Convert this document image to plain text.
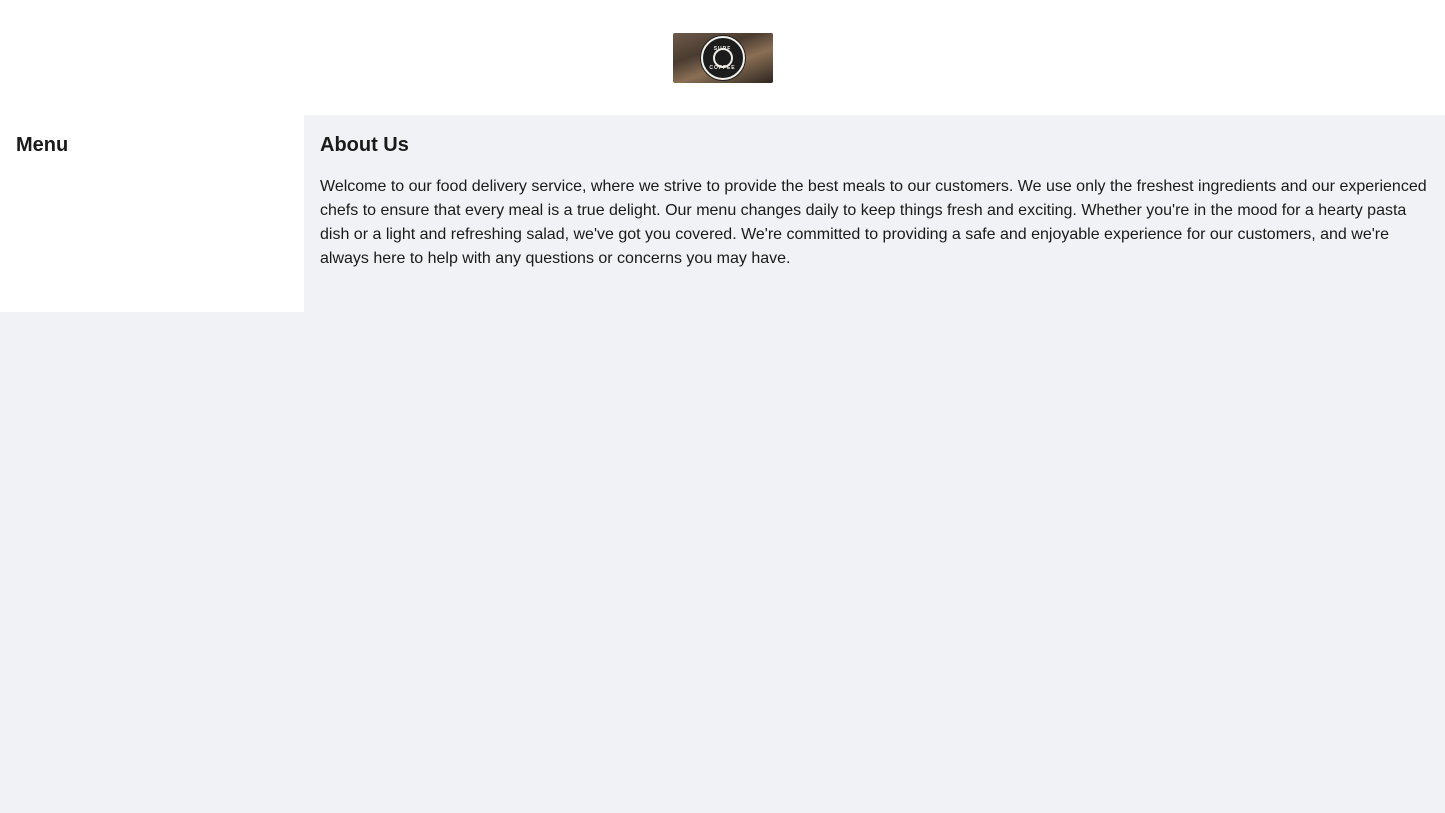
SURF
COFFEE
Menu	About Us

Welcome to our food delivery service, where we strive to provide the best meals to our customers. We use only the freshest ingredients and our experienced chefs to ensure that every meal is a true delight. Our menu changes daily to keep things fresh and exciting. Whether you're in the mood for a hearty pasta dish or a light and refreshing salad, we've got you covered. We're committed to providing a safe and enjoyable experience for our customers, and we're always here to help with any questions or concerns you may have.
